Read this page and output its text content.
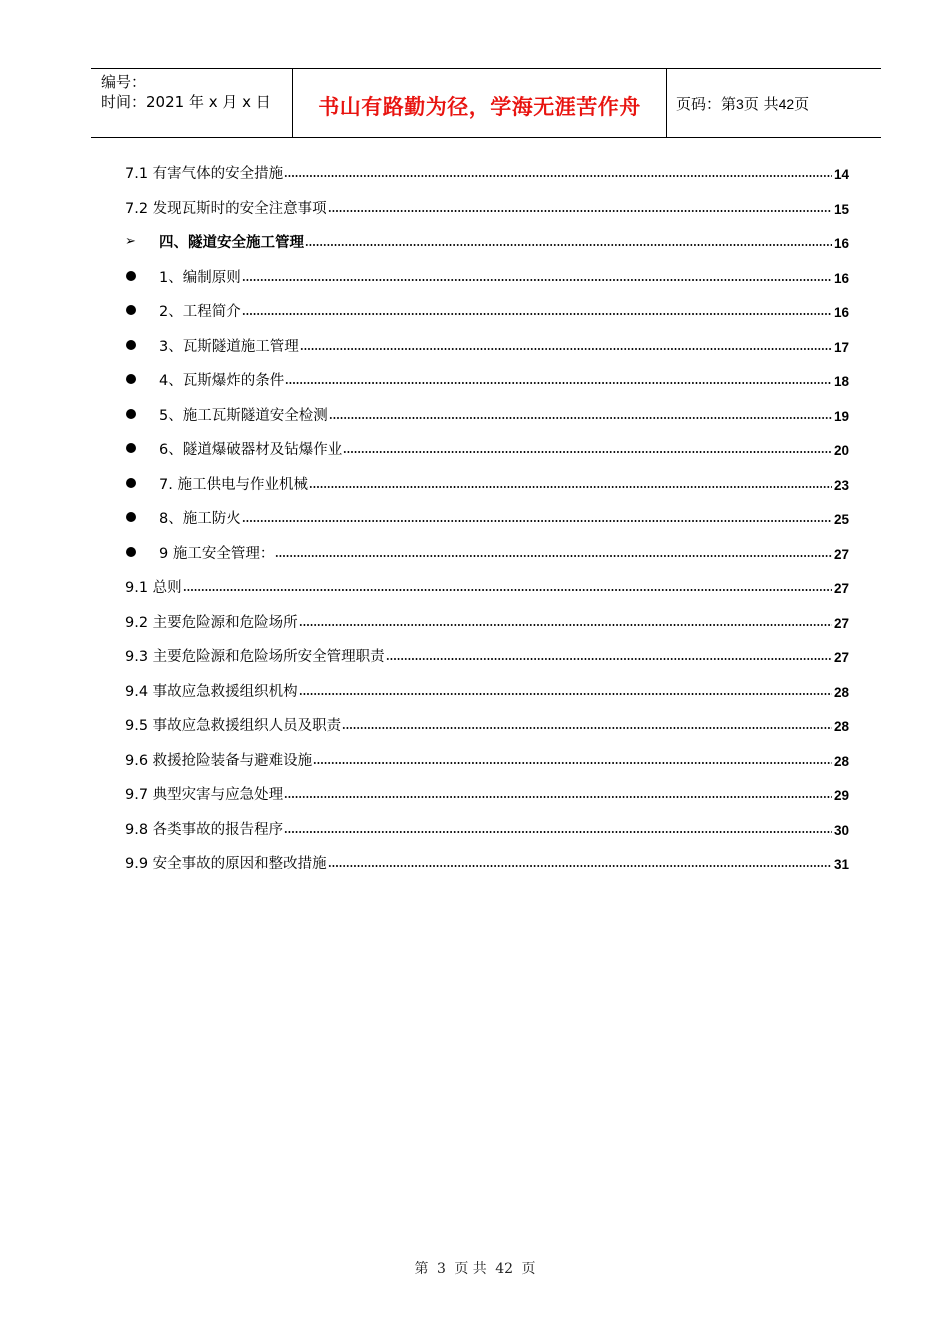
编号：
时间：2021 年 x 月 x 日	书山有路勤为径，学海无涯苦作舟	页码：第3页 共42页
7.1 有害气体的安全措施	14
7.2 发现瓦斯时的安全注意事项	15
➢ 四、隧道安全施工管理	16
1、编制原则	16
2、工程简介	16
3、瓦斯隧道施工管理	17
4、瓦斯爆炸的条件	18
5、施工瓦斯隧道安全检测	19
6、隧道爆破器材及钻爆作业	20
7. 施工供电与作业机械	23
8、施工防火	25
9 施工安全管理：	27
9.1 总则	27
9.2 主要危险源和危险场所	27
9.3 主要危险源和危险场所安全管理职责	27
9.4 事故应急救援组织机构	28
9.5 事故应急救援组织人员及职责	28
9.6 救援抢险装备与避难设施	28
9.7 典型灾害与应急处理	29
9.8 各类事故的报告程序	30
9.9 安全事故的原因和整改措施	31
第 3 页 共 42 页
